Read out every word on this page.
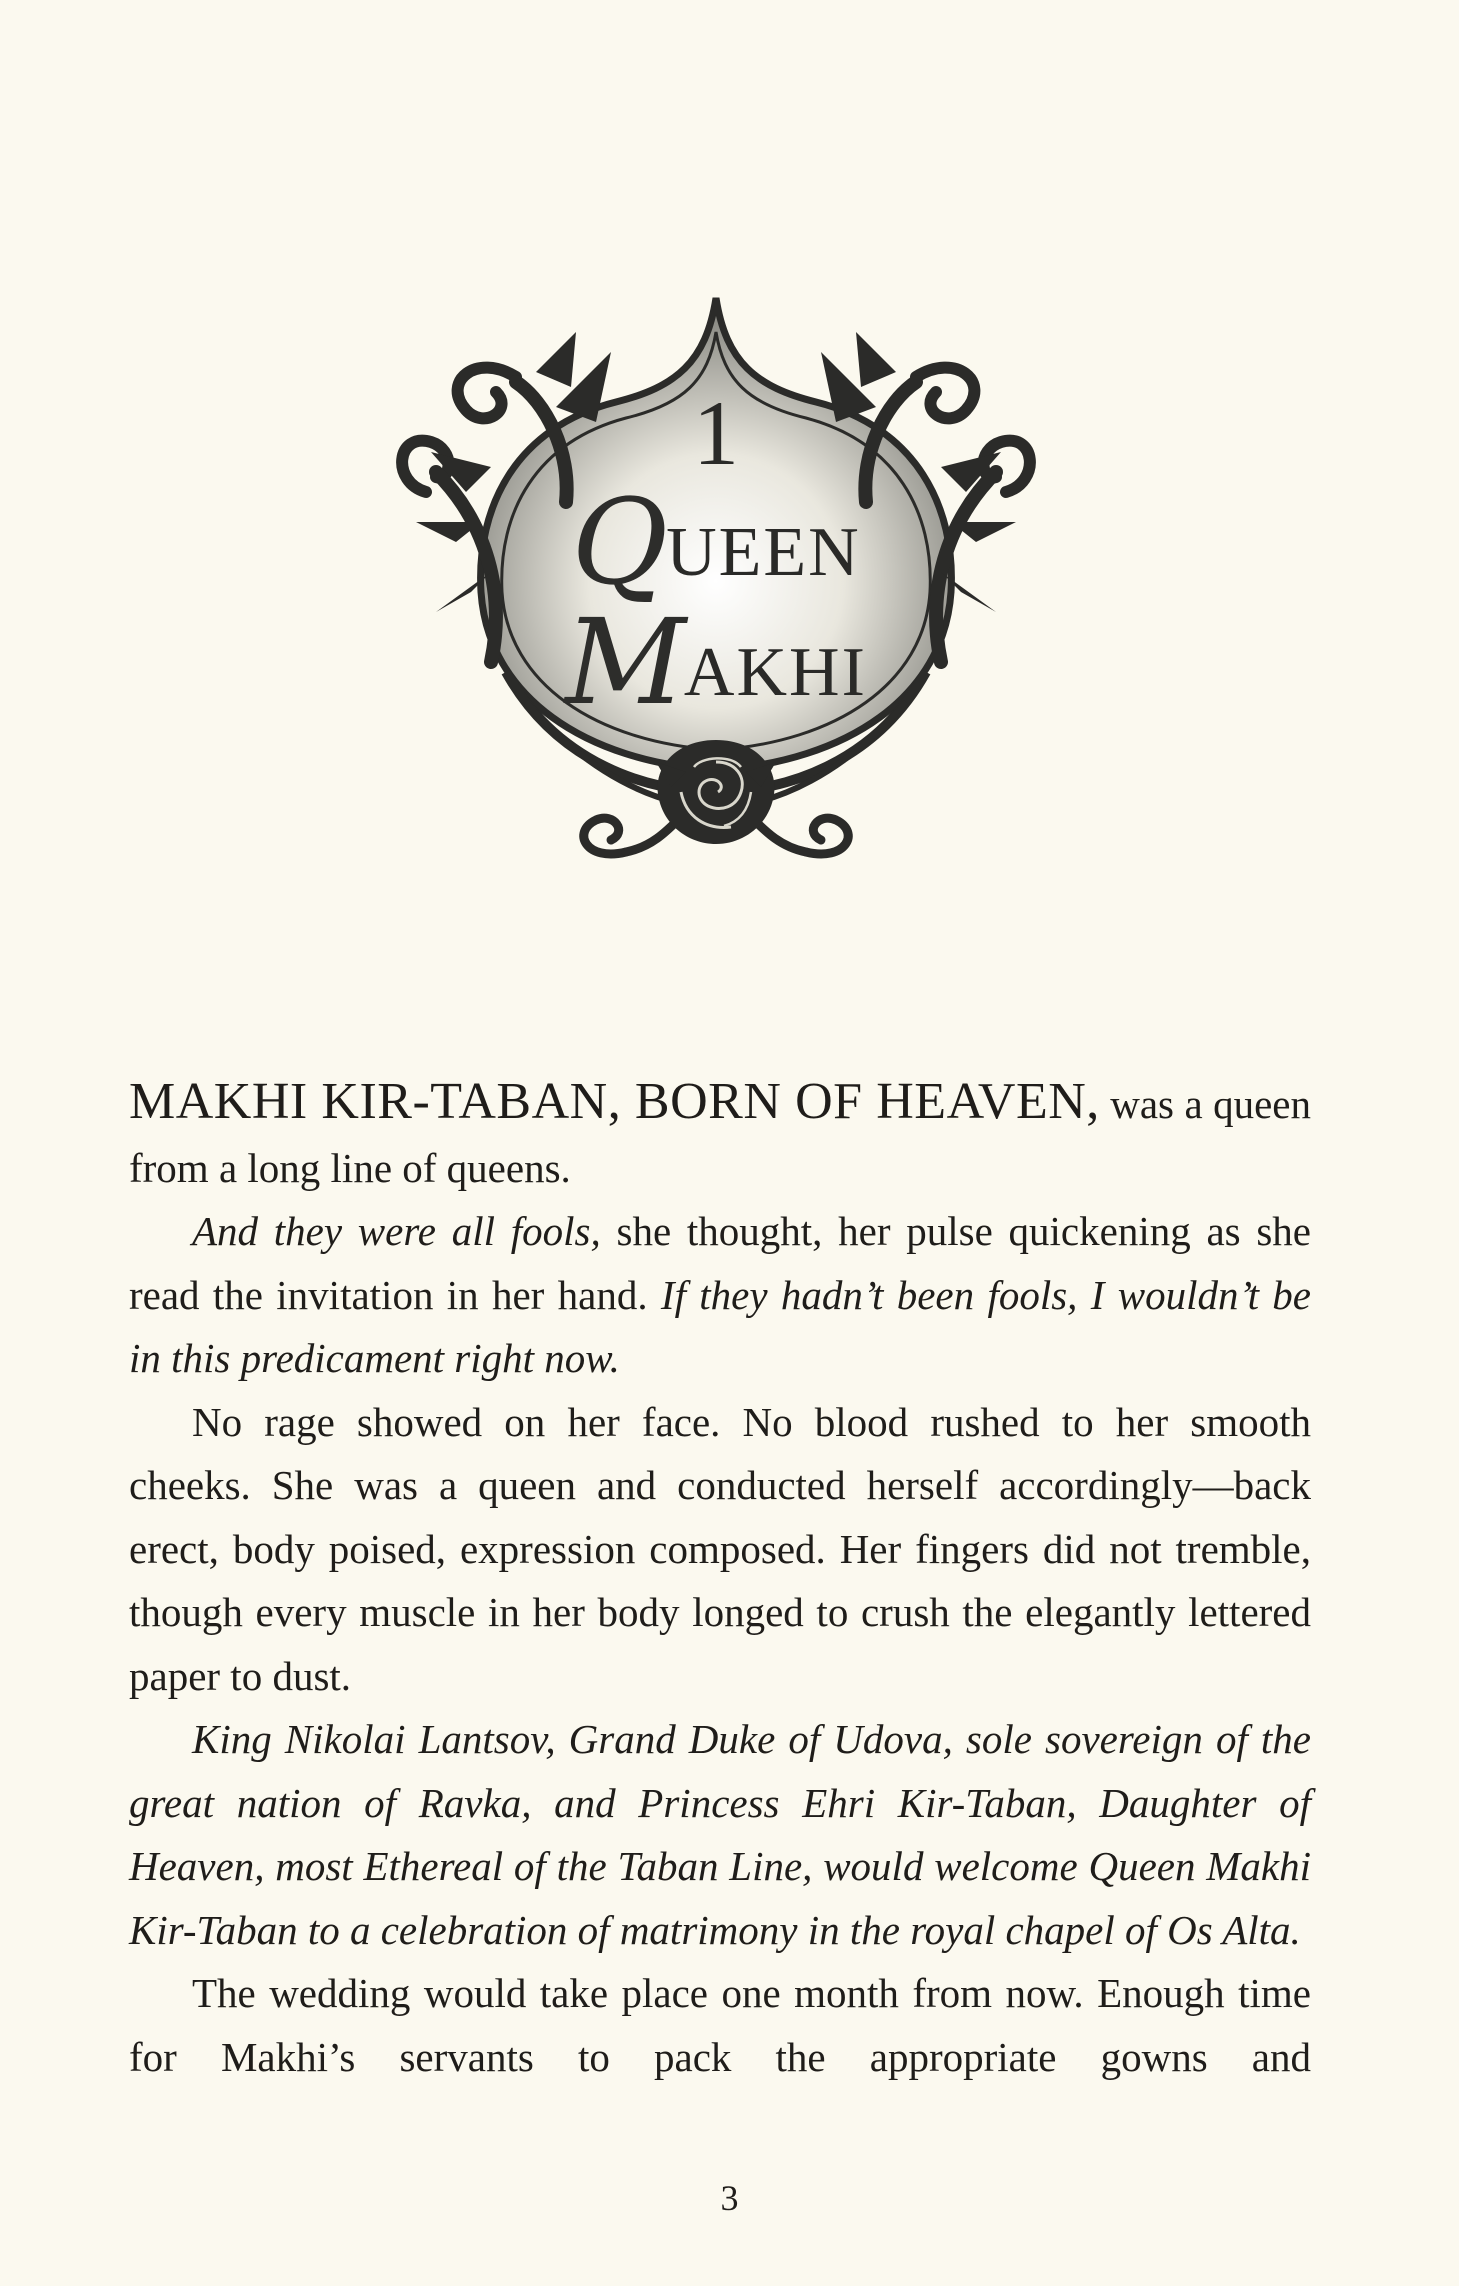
1
QUEEN
MAKHI

MAKHI KIR-TABAN, BORN OF HEAVEN, was a queen from a long line of queens.

And they were all fools, she thought, her pulse quickening as she read the invitation in her hand. If they hadn’t been fools, I wouldn’t be in this predicament right now.

No rage showed on her face. No blood rushed to her smooth cheeks. She was a queen and conducted herself accordingly—back erect, body poised, expression composed. Her fingers did not tremble, though every muscle in her body longed to crush the elegantly lettered paper to dust.

King Nikolai Lantsov, Grand Duke of Udova, sole sovereign of the great nation of Ravka, and Princess Ehri Kir-Taban, Daughter of Heaven, most Ethereal of the Taban Line, would welcome Queen Makhi Kir-Taban to a celebration of matrimony in the royal chapel of Os Alta.

The wedding would take place one month from now. Enough time for Makhi’s servants to pack the appropriate gowns and

3
